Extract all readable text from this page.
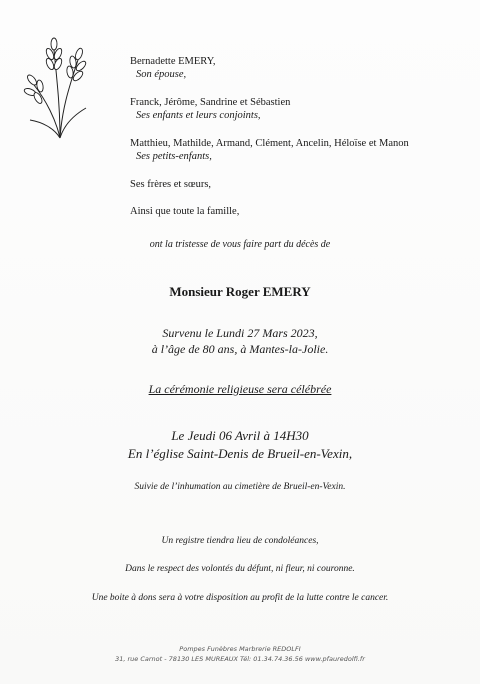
Bernadette EMERY,
Son épouse,
Franck, Jérôme, Sandrine et Sébastien
Ses enfants et leurs conjoints,
Matthieu, Mathilde, Armand, Clément, Ancelin, Héloïse et Manon
Ses petits-enfants,
Ses frères et sœurs,
Ainsi que toute la famille,
ont la tristesse de vous faire part du décès de
Monsieur Roger EMERY
Survenu le Lundi 27 Mars 2023,
à l’âge de 80 ans, à Mantes-la-Jolie.
La cérémonie religieuse sera célébrée
Le Jeudi 06 Avril à 14H30
En l’église Saint-Denis de Brueil-en-Vexin,
Suivie de l’inhumation au cimetière de Brueil-en-Vexin.
Un registre tiendra lieu de condoléances,
Dans le respect des volontés du défunt, ni fleur, ni couronne.
Une boite à dons sera à votre disposition au profit de la lutte contre le cancer.
Pompes Funèbres Marbrerie REDOLFI
31, rue Carnot - 78130 LES MUREAUX Tél: 01.34.74.36.56 www.pfauredolfi.fr
